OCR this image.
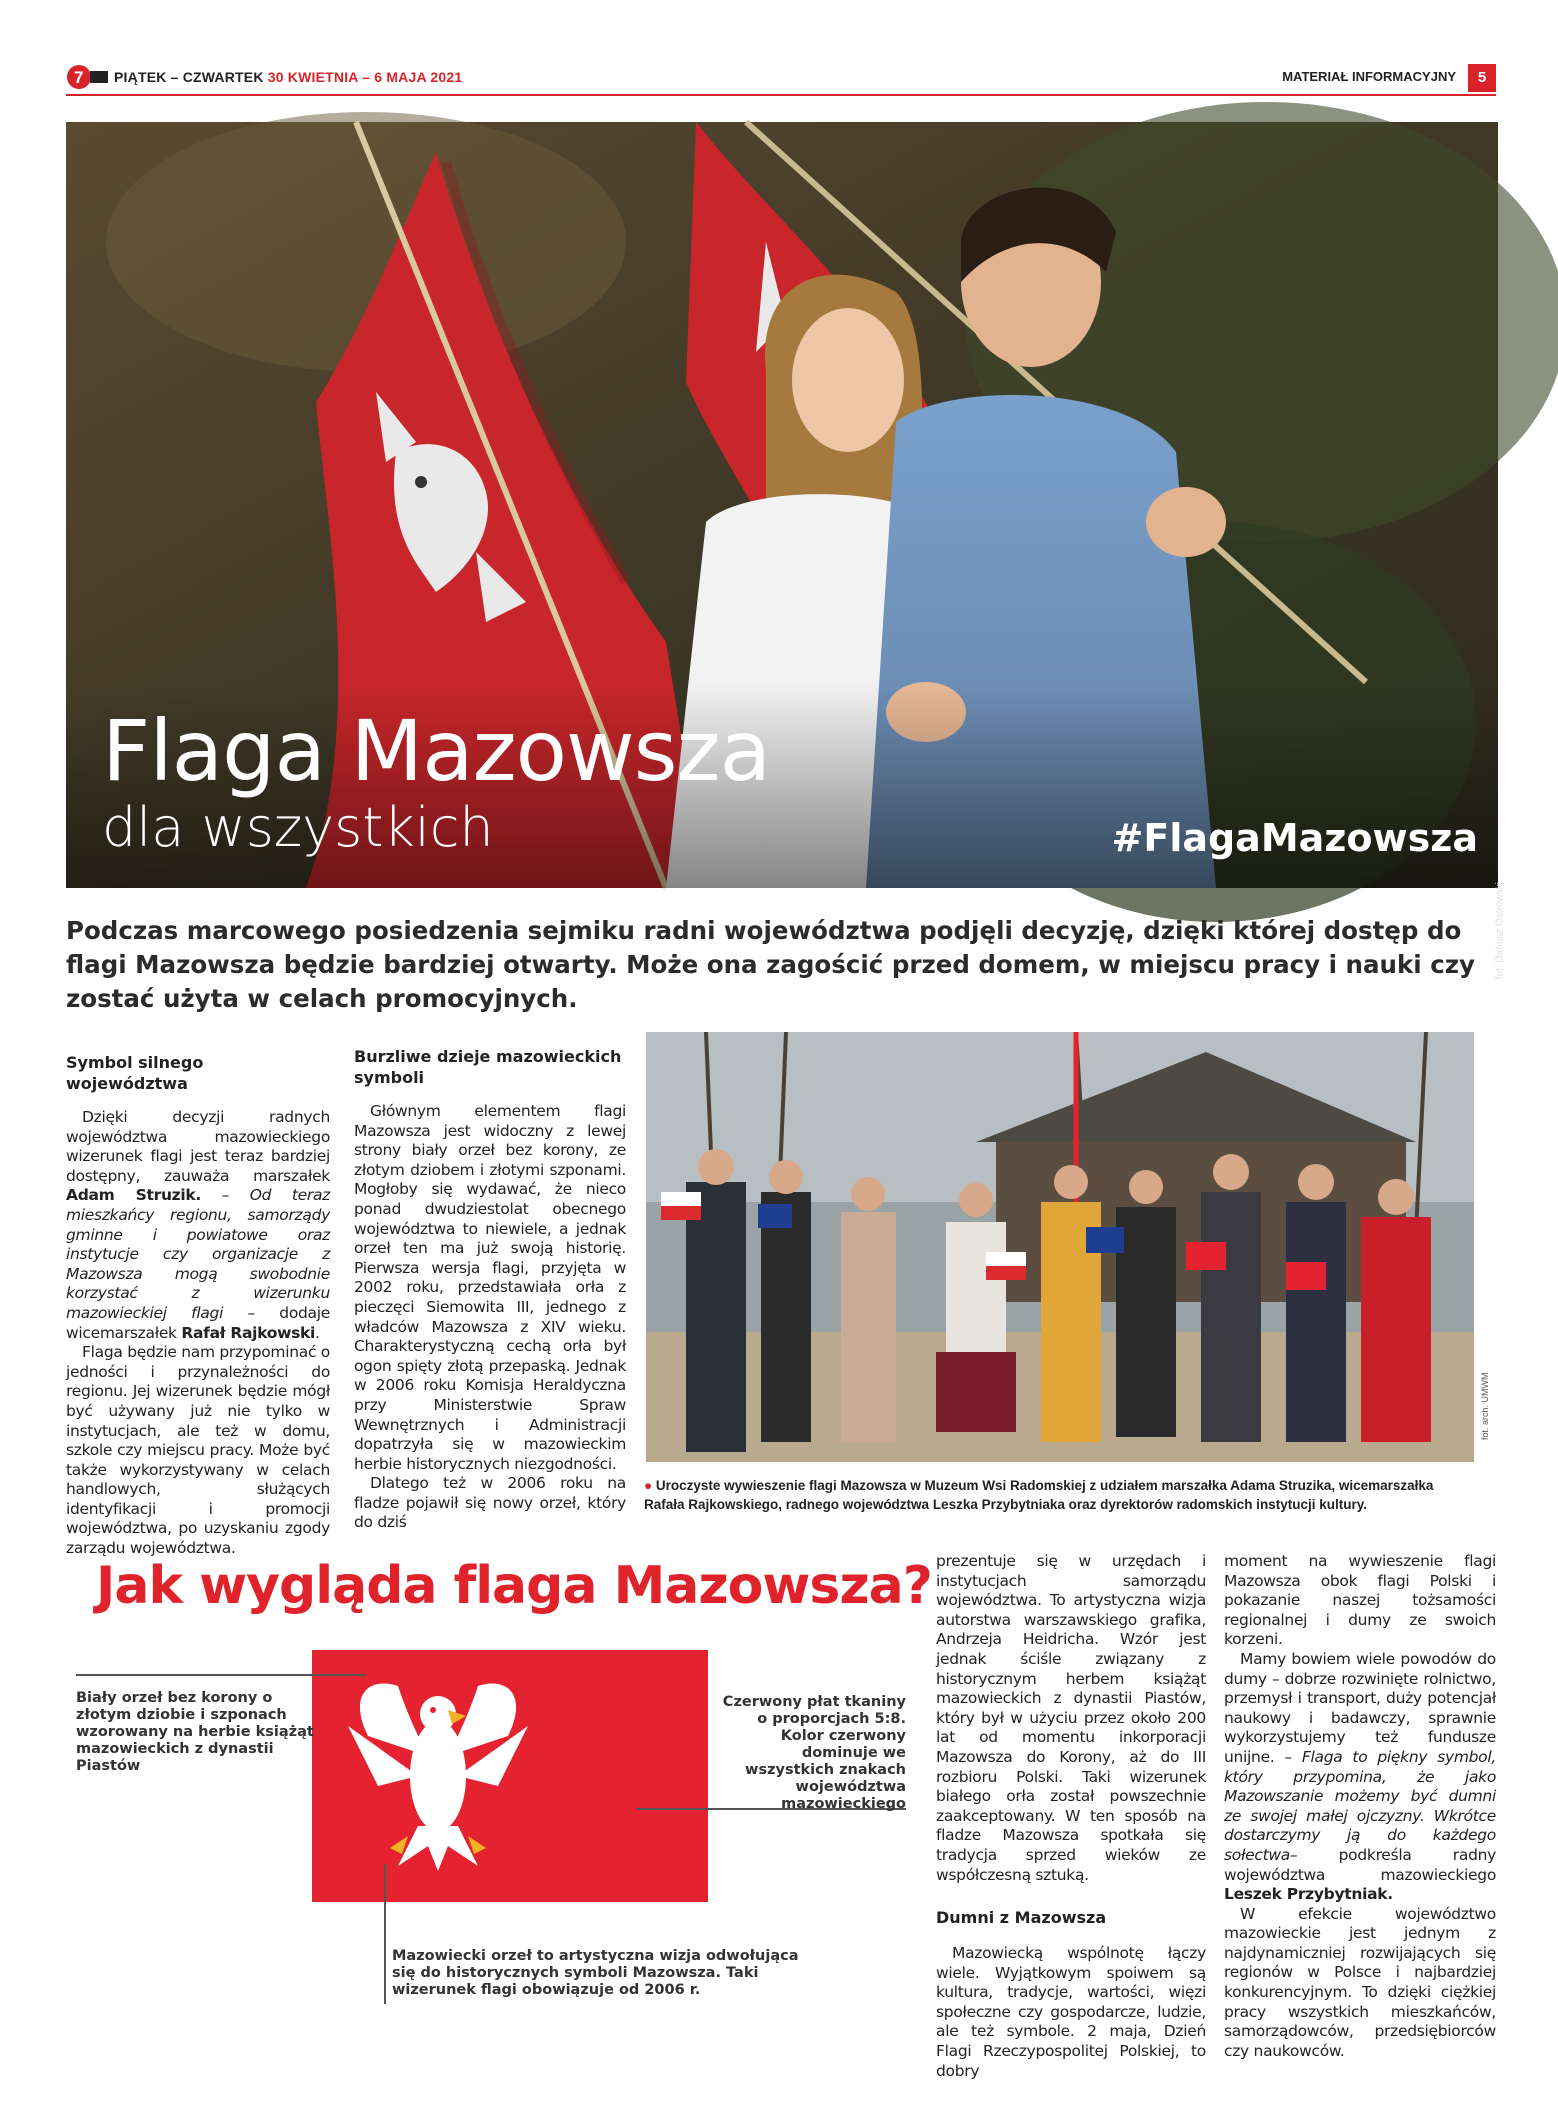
7 PIĄTEK – CZWARTEK 30 KWIETNIA – 6 MAJA 2021	MATERIAŁ INFORMACYJNY	5
Flaga Mazowsza
dla wszystkich	#FlagaMazowsza
fot. Dariusz Ostrowski
Podczas marcowego posiedzenia sejmiku radni województwa podjęli decyzję, dzięki której dostęp do flagi Mazowsza będzie bardziej otwarty. Może ona zagościć przed domem, w miejscu pracy i nauki czy zostać użyta w celach promocyjnych.
Symbol silnego województwa

Dzięki decyzji radnych województwa mazowieckiego wizerunek flagi jest teraz bardziej dostępny, zauważa marszałek Adam Struzik. – Od teraz mieszkańcy regionu, samorządy gminne i powiatowe oraz instytucje czy organizacje z Mazowsza mogą swobodnie korzystać z wizerunku mazowieckiej flagi – dodaje wicemarszałek Rafał Rajkowski.

Flaga będzie nam przypominać o jedności i przynależności do regionu. Jej wizerunek będzie mógł być używany już nie tylko w instytucjach, ale też w domu, szkole czy miejscu pracy. Może być także wykorzystywany w celach handlowych, służących identyfikacji i promocji województwa, po uzyskaniu zgody zarządu województwa.

Burzliwe dzieje mazowieckich symboli

Głównym elementem flagi Mazowsza jest widoczny z lewej strony biały orzeł bez korony, ze złotym dziobem i złotymi szponami. Mogłoby się wydawać, że nieco ponad dwudziestolat obecnego województwa to niewiele, a jednak orzeł ten ma już swoją historię. Pierwsza wersja flagi, przyjęta w 2002 roku, przedstawiała orła z pieczęci Siemowita III, jednego z władców Mazowsza z XIV wieku. Charakterystyczną cechą orła był ogon spięty złotą przepaską. Jednak w 2006 roku Komisja Heraldyczna przy Ministerstwie Spraw Wewnętrznych i Administracji dopatrzyła się w mazowieckim herbie historycznych niezgodności.

Dlatego też w 2006 roku na fladze pojawił się nowy orzeł, który do dziś

fot. arch. UMWM
● Uroczyste wywieszenie flagi Mazowsza w Muzeum Wsi Radomskiej z udziałem marszałka Adama Struzika, wicemarszałka Rafała Rajkowskiego, radnego województwa Leszka Przybytniaka oraz dyrektorów radomskich instytucji kultury.
Jak wygląda flaga Mazowsza?
Biały orzeł bez korony o złotym dziobie i szponach wzorowany na herbie książąt mazowieckich z dynastii Piastów
Czerwony płat tkaniny o proporcjach 5:8. Kolor czerwony dominuje we wszystkich znakach województwa mazowieckiego
Mazowiecki orzeł to artystyczna wizja odwołująca się do historycznych symboli Mazowsza. Taki wizerunek flagi obowiązuje od 2006 r.

prezentuje się w urzędach i instytucjach samorządu województwa. To artystyczna wizja autorstwa warszawskiego grafika, Andrzeja Heidricha. Wzór jest jednak ściśle związany z historycznym herbem książąt mazowieckich z dynastii Piastów, który był w użyciu przez około 200 lat od momentu inkorporacji Mazowsza do Korony, aż do III rozbioru Polski. Taki wizerunek białego orła został powszechnie zaakceptowany. W ten sposób na fladze Mazowsza spotkała się tradycja sprzed wieków ze współczesną sztuką.

Dumni z Mazowsza

Mazowiecką wspólnotę łączy wiele. Wyjątkowym spoiwem są kultura, tradycje, wartości, więzi społeczne czy gospodarcze, ludzie, ale też symbole. 2 maja, Dzień Flagi Rzeczypospolitej Polskiej, to dobry

moment na wywieszenie flagi Mazowsza obok flagi Polski i pokazanie naszej tożsamości regionalnej i dumy ze swoich korzeni.

Mamy bowiem wiele powodów do dumy – dobrze rozwinięte rolnictwo, przemysł i transport, duży potencjał naukowy i badawczy, sprawnie wykorzystujemy też fundusze unijne. – Flaga to piękny symbol, który przypomina, że jako Mazowszanie możemy być dumni ze swojej małej ojczyzny. Wkrótce dostarczymy ją do każdego sołectwa– podkreśla radny województwa mazowieckiego Leszek Przybytniak.

W efekcie województwo mazowieckie jest jednym z najdynamiczniej rozwijających się regionów w Polsce i najbardziej konkurencyjnym. To dzięki ciężkiej pracy wszystkich mieszkańców, samorządowców, przedsiębiorców czy naukowców.
